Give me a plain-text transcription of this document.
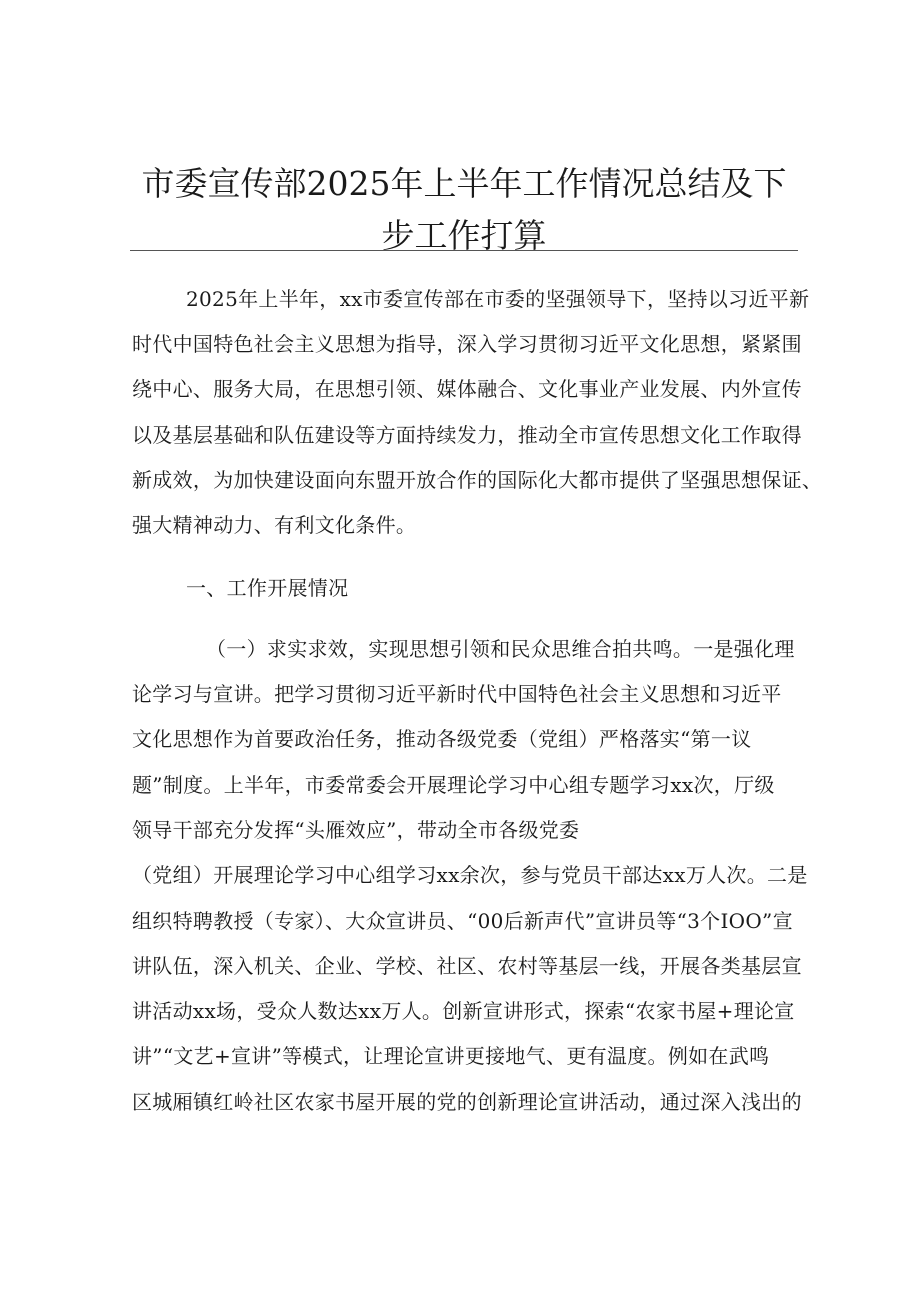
市委宣传部2025年上半年工作情况总结及下
步工作打算
2025年上半年，xx市委宣传部在市委的坚强领导下，坚持以习近平新
时代中国特色社会主义思想为指导，深入学习贯彻习近平文化思想，紧紧围
绕中心、服务大局，在思想引领、媒体融合、文化事业产业发展、内外宣传
以及基层基础和队伍建设等方面持续发力，推动全市宣传思想文化工作取得
新成效，为加快建设面向东盟开放合作的国际化大都市提供了坚强思想保证、
强大精神动力、有利文化条件。
一、工作开展情况
（一）求实求效，实现思想引领和民众思维合拍共鸣。一是强化理
论学习与宣讲。把学习贯彻习近平新时代中国特色社会主义思想和习近平
文化思想作为首要政治任务，推动各级党委（党组）严格落实“第一议
题”制度。上半年，市委常委会开展理论学习中心组专题学习xx次，厅级
领导干部充分发挥“头雁效应”，带动全市各级党委
（党组）开展理论学习中心组学习xx余次，参与党员干部达xx万人次。二是
组织特聘教授（专家）、大众宣讲员、“00后新声代”宣讲员等“3个IOO”宣
讲队伍，深入机关、企业、学校、社区、农村等基层一线，开展各类基层宣
讲活动xx场，受众人数达xx万人。创新宣讲形式，探索“农家书屋+理论宣
讲”“文艺+宣讲”等模式，让理论宣讲更接地气、更有温度。例如在武鸣
区城厢镇红岭社区农家书屋开展的党的创新理论宣讲活动，通过深入浅出的
